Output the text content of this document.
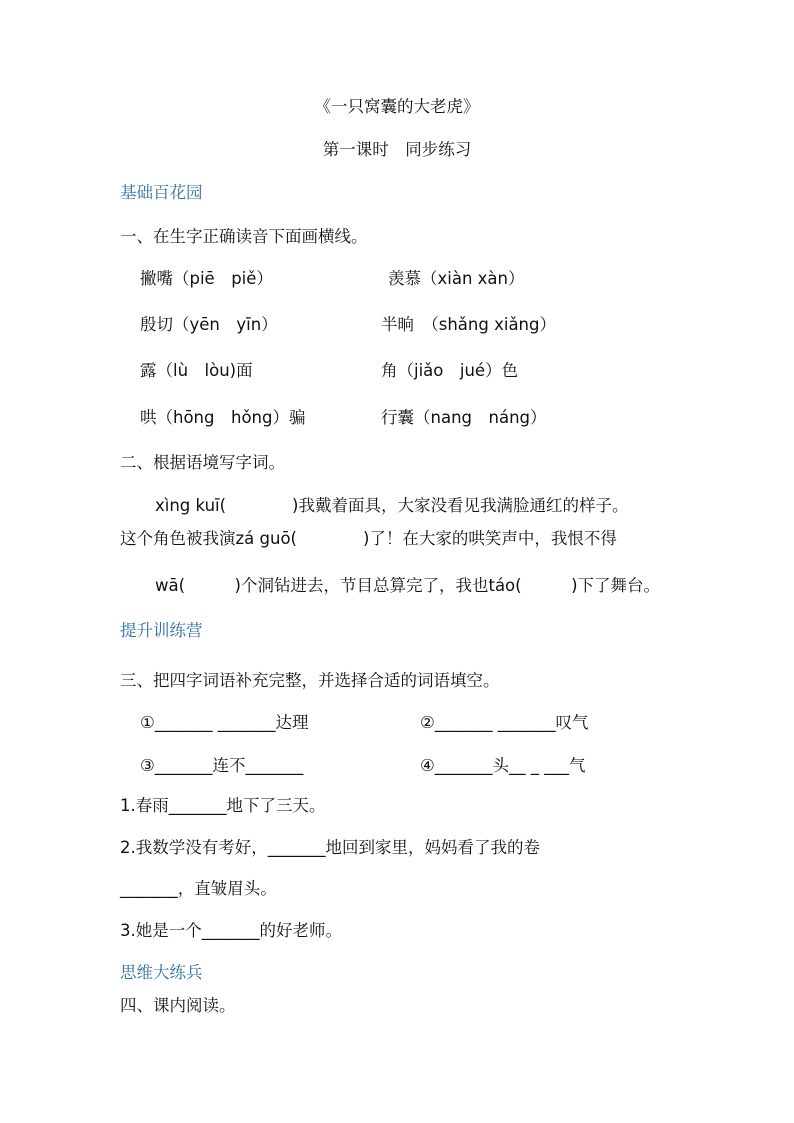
《一只窝囊的大老虎》
第一课时　同步练习
基础百花园
一、在生字正确读音下面画横线。
撇嘴（piē　piě）	羡慕（xiàn xàn）
殷切（yēn　yīn）	半晌　（shǎng xiǎng）
露（lù　lòu)面	角（jiǎo　jué）色
哄（hōng　hǒng）骗	行囊（nang　náng）
二、根据语境写字词。
xìng kuī(　　　　)我戴着面具，大家没看见我满脸通红的样子。
这个角色被我演zá guō(　　　　)了！在大家的哄笑声中，我恨不得
wā(　　　)个洞钻进去，节目总算完了，我也táo(　　　)下了舞台。
提升训练营
三、把四字词语补充完整，并选择合适的词语填空。
①_______ _______达理	②_______ _______叹气
③_______连不_______	④_______头__ _ ___气
1.春雨_______地下了三天。
2.我数学没有考好，_______地回到家里，妈妈看了我的卷
_______，直皱眉头。
3.她是一个_______的好老师。
思维大练兵
四、课内阅读。
